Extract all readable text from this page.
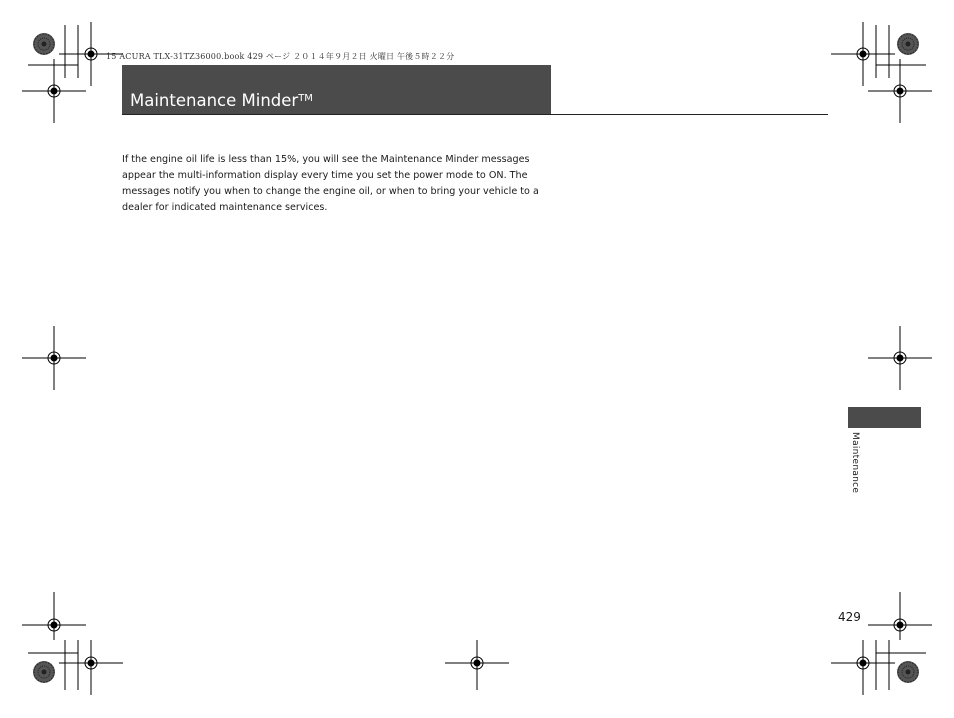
15 ACURA TLX-31TZ36000.book 429 ページ ２０１４年９月２日 火曜日 午後５時２２分
Maintenance Minder™
If the engine oil life is less than 15%, you will see the Maintenance Minder messages appear the multi-information display every time you set the power mode to ON. The messages notify you when to change the engine oil, or when to bring your vehicle to a dealer for indicated maintenance services.
Maintenance
429
